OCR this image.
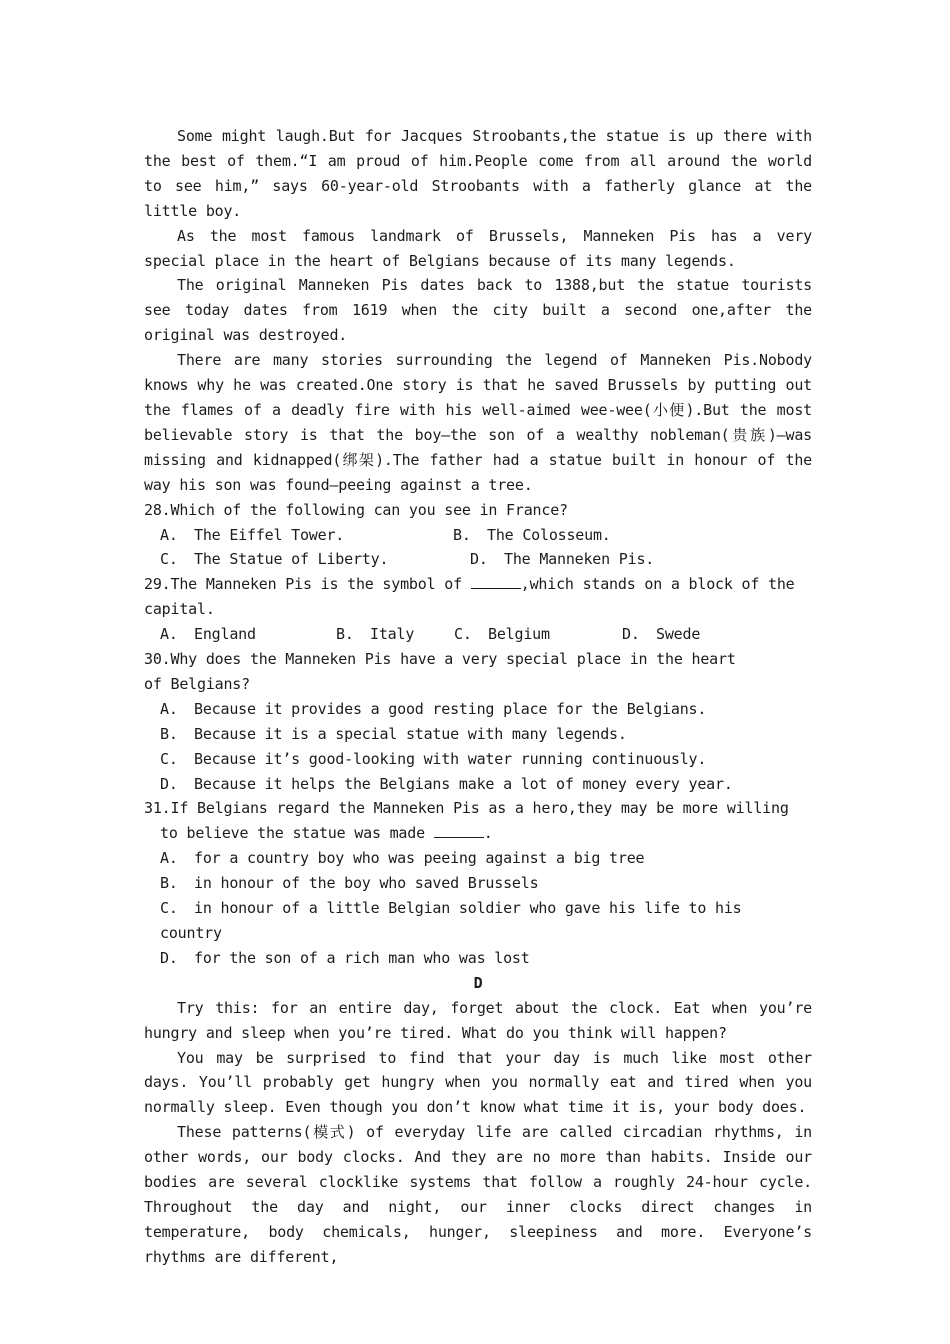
Some might laugh.But for Jacques Stroobants,the statue is up there with the best of them.“I am proud of him.People come from all around the world to see him,” says 60-year-old Stroobants with a fatherly glance at the little boy.

As the most famous landmark of Brussels, Manneken Pis has a very special place in the heart of Belgians because of its many legends.

The original Manneken Pis dates back to 1388,but the statue tourists see today dates from 1619 when the city built a second one,after the original was destroyed.

There are many stories surrounding the legend of Manneken Pis.Nobody knows why he was created.One story is that he saved Brussels by putting out the flames of a deadly fire with his well-aimed wee-wee(小便).But the most believable story is that the boy—the son of a wealthy nobleman(贵族)—was missing and kidnapped(绑架).The father had a statue built in honour of the way his son was found—peeing against a tree.

28.Which of the following can you see in France?

A. The Eiffel Tower.	B. The Colosseum.
C. The Statue of Liberty.	D. The Manneken Pis.

29.The Manneken Pis is the symbol of	,which stands on a block of the capital.

A. England	B. Italy	C. Belgium	D. Swede

30.Why does the Manneken Pis have a very special place in the heart of Belgians?

A. Because it provides a good resting place for the Belgians.

B. Because it is a special statue with many legends.

C. Because it’s good-looking with water running continuously.

D. Because it helps the Belgians make a lot of money every year.

31.If Belgians regard the Manneken Pis as a hero,they may be more willing to believe the statue was made	.

A. for a country boy who was peeing against a big tree

B. in honour of the boy who saved Brussels

C. in honour of a little Belgian soldier who gave his life to his country

D. for the son of a rich man who was lost

D

Try this: for an entire day, forget about the clock. Eat when you’re hungry and sleep when you’re tired. What do you think will happen?

You may be surprised to find that your day is much like most other days. You’ll probably get hungry when you normally eat and tired when you normally sleep. Even though you don’t know what time it is, your body does.

These patterns(模式) of everyday life are called circadian rhythms, in other words, our body clocks. And they are no more than habits. Inside our bodies are several clocklike systems that follow a roughly 24-hour cycle. Throughout the day and night, our inner clocks direct changes in temperature, body chemicals, hunger, sleepiness and more. Everyone’s rhythms are different,
